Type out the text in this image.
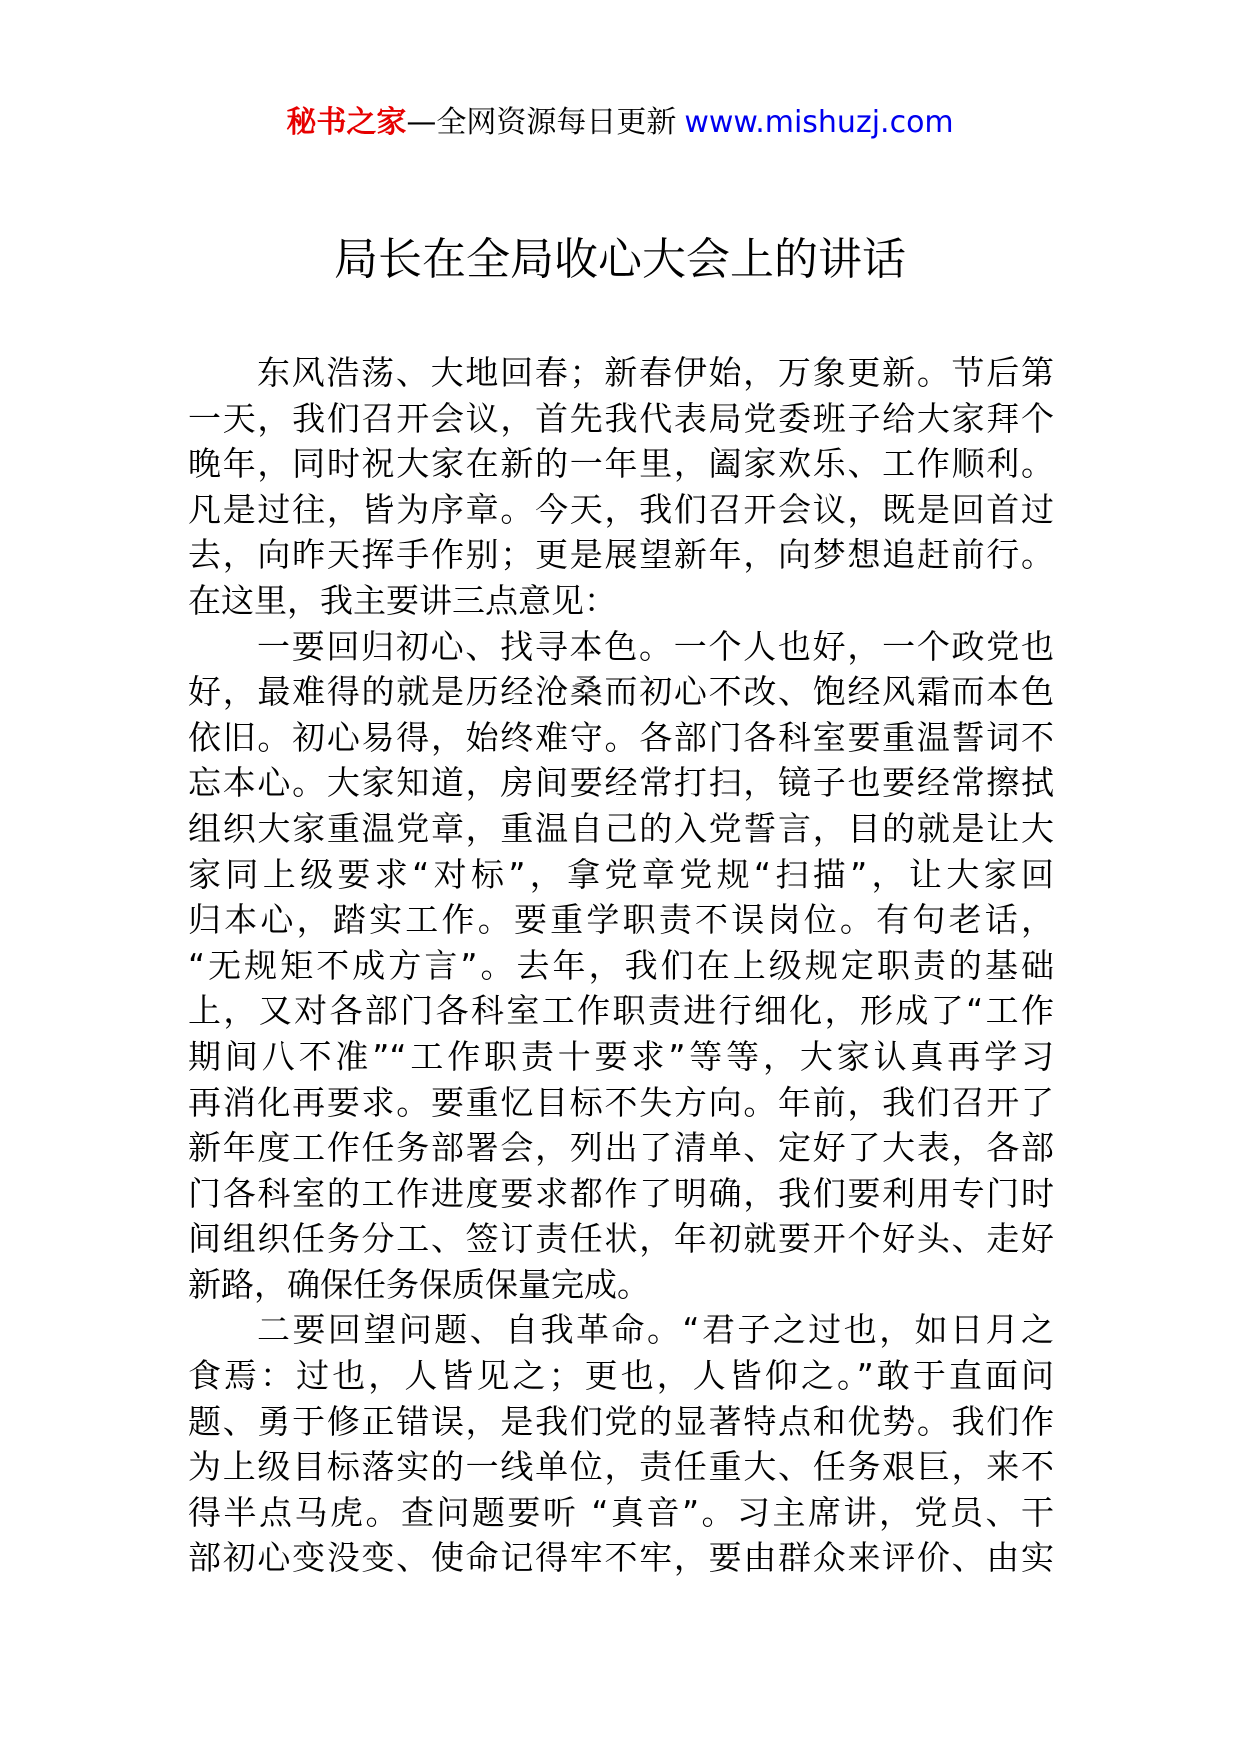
秘书之家—全网资源每日更新 www.mishuzj.com
局长在全局收心大会上的讲话
东风浩荡、大地回春；新春伊始，万象更新。节后第
一天，我们召开会议，首先我代表局党委班子给大家拜个
晚年，同时祝大家在新的一年里，阖家欢乐、工作顺利。
凡是过往，皆为序章。今天，我们召开会议，既是回首过
去，向昨天挥手作别；更是展望新年，向梦想追赶前行。
在这里，我主要讲三点意见：
一要回归初心、找寻本色。一个人也好，一个政党也
好，最难得的就是历经沧桑而初心不改、饱经风霜而本色
依旧。初心易得，始终难守。各部门各科室要重温誓词不
忘本心。大家知道，房间要经常打扫，镜子也要经常擦拭
组织大家重温党章，重温自己的入党誓言，目的就是让大
家同上级要求“对标”，拿党章党规“扫描”，让大家回
归本心，踏实工作。要重学职责不误岗位。有句老话，
“无规矩不成方言”。去年，我们在上级规定职责的基础
上，又对各部门各科室工作职责进行细化，形成了“工作
期间八不准”“工作职责十要求”等等，大家认真再学习
再消化再要求。要重忆目标不失方向。年前，我们召开了
新年度工作任务部署会，列出了清单、定好了大表，各部
门各科室的工作进度要求都作了明确，我们要利用专门时
间组织任务分工、签订责任状，年初就要开个好头、走好
新路，确保任务保质保量完成。
二要回望问题、自我革命。“君子之过也，如日月之
食焉：过也，人皆见之；更也，人皆仰之。”敢于直面问
题、勇于修正错误，是我们党的显著特点和优势。我们作
为上级目标落实的一线单位，责任重大、任务艰巨，来不
得半点马虎。查问题要听 “真音”。习主席讲，党员、干
部初心变没变、使命记得牢不牢，要由群众来评价、由实
